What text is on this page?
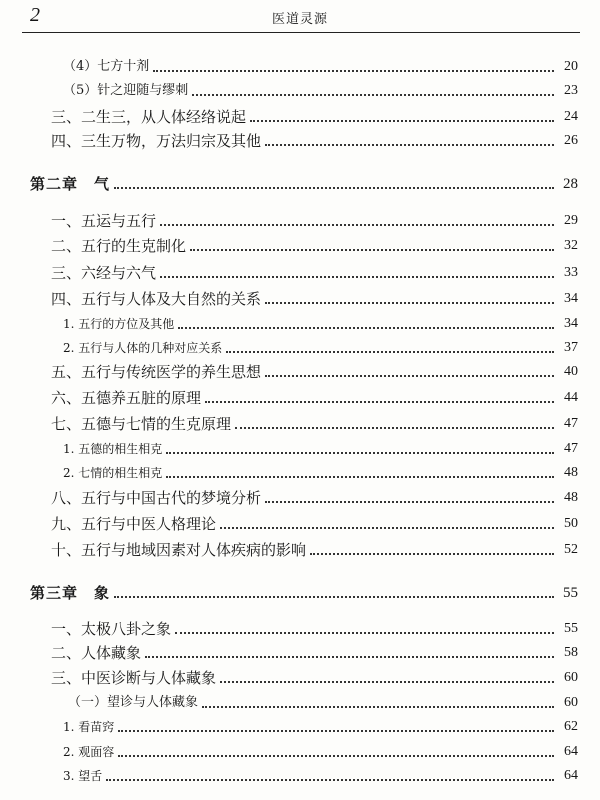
2	医道灵源
（4）七方十剂	20
（5）针之迎随与缪刺	23
三、二生三，从人体经络说起	24
四、三生万物，万法归宗及其他	26
第二章　气	28
一、五运与五行	29
二、五行的生克制化	32
三、六经与六气	33
四、五行与人体及大自然的关系	34
1. 五行的方位及其他	34
2. 五行与人体的几种对应关系	37
五、五行与传统医学的养生思想	40
六、五德养五脏的原理	44
七、五德与七情的生克原理	47
1. 五德的相生相克	47
2. 七情的相生相克	48
八、五行与中国古代的梦境分析	48
九、五行与中医人格理论	50
十、五行与地域因素对人体疾病的影响	52
第三章　象	55
一、太极八卦之象	55
二、人体藏象	58
三、中医诊断与人体藏象	60
（一）望诊与人体藏象	60
1. 看苗窍	62
2. 观面容	64
3. 望舌	64
